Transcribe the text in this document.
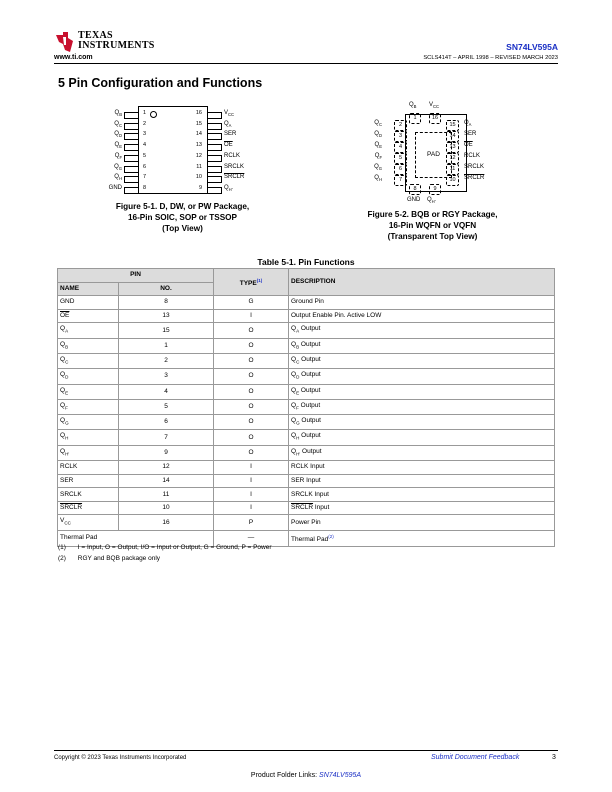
TEXAS
INSTRUMENTS
www.ti.com
SN74LV595A
SCLS414T – APRIL 1998 – REVISED MARCH 2023
5 Pin Configuration and Functions
$Q_B$	1
$Q_C$	2
$Q_D$	3
$Q_E$	4
$Q_F$	5
$Q_G$	6
$Q_H$	7
GND	8
16	$V_{CC}$
15	$Q_A$
14	SER
13	$\overline{OE}$
12	RCLK
11	SRCLK
10	SRCLR
9	$Q_{H'}$
Figure 5-1. D, DW, or PW Package,
16-Pin SOIC, SOP or TSSOP
(Top View)
PAD
$Q_C$	2
$Q_D$	3
$Q_E$	4
$Q_F$	5
$Q_G$	6
$Q_H$	7
15	$Q_A$
14	SER
13	$\overline{OE}$
12	RCLK
11	SRCLK
10	SRCLR
$Q_B$
1
$V_{CC}$
16
8
GND
9
$Q_{H'}$
Figure 5-2. BQB or RGY Package,
16-Pin WQFN or VQFN
(Transparent Top View)
Table 5-1. Pin Functions
PIN		TYPE$^{(1)}$	DESCRIPTION
NAME	NO.		
GND	8	G	Ground Pin
$\overline{OE}$	13	I	Output Enable Pin. Active LOW
$Q_A$	15	O	$Q_A$ Output
$Q_B$	1	O	$Q_B$ Output
$Q_C$	2	O	$Q_C$ Output
$Q_D$	3	O	$Q_D$ Output
$Q_E$	4	O	$Q_E$ Output
$Q_F$	5	O	$Q_F$ Output
$Q_G$	6	O	$Q_G$ Output
$Q_H$	7	O	$Q_H$ Output
$Q_{H'}$	9	O	$Q_{H'}$ Output
RCLK	12	I	RCLK Input
SER	14	I	SER Input
SRCLK	11	I	SRCLK Input
SRCLR	10	I	SRCLR Input
$V_{CC}$	16	P	Power Pin
Thermal Pad		—	Thermal Pad$^{(2)}$
(1) I = Input, O = Output, I/O = Input or Output, G = Ground, P = Power
(2) RGY and BQB package only
Copyright © 2023 Texas Instruments Incorporated	Submit Document Feedback	3
Product Folder Links: SN74LV595A
